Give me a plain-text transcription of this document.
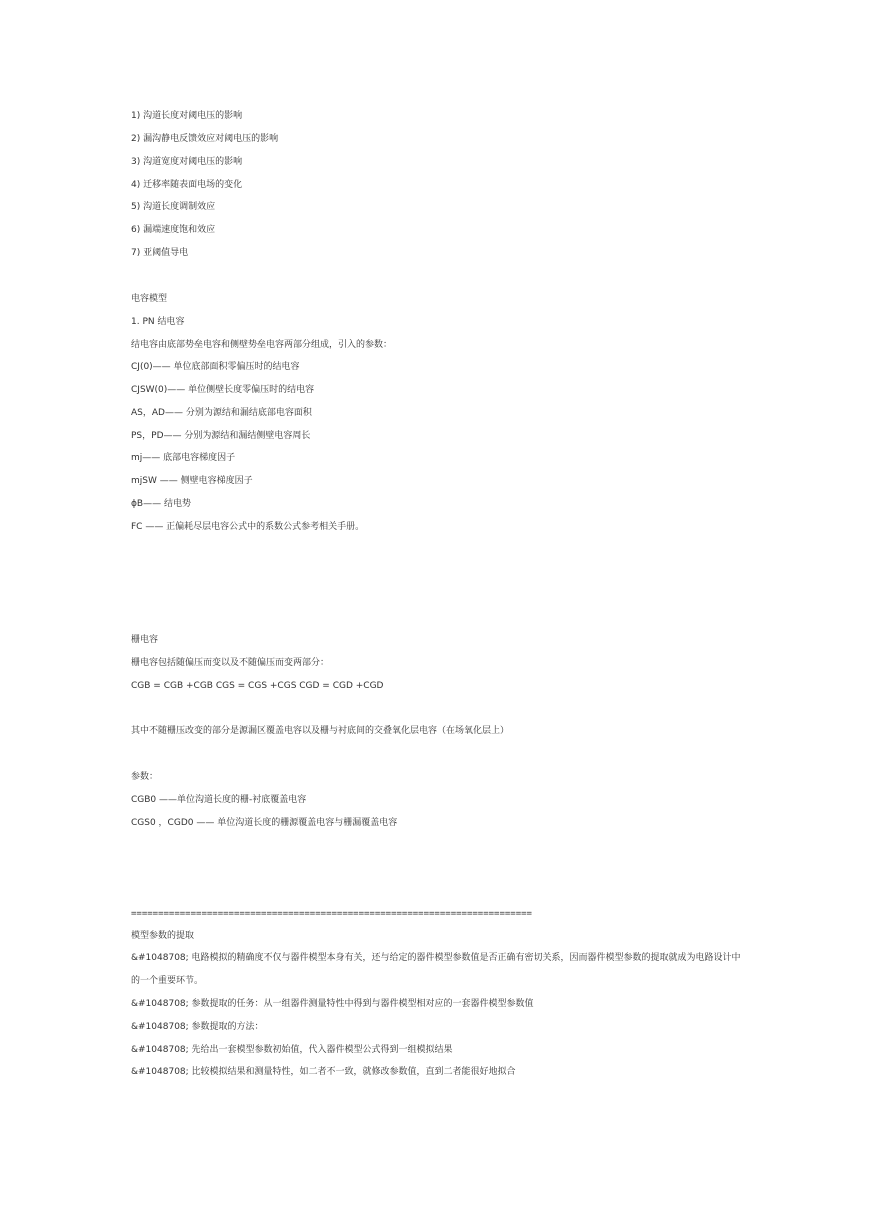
1) 沟道长度对阈电压的影响
2) 漏沟静电反馈效应对阈电压的影响
3) 沟道宽度对阈电压的影响
4) 迁移率随表面电场的变化
5) 沟道长度调制效应
6) 漏端速度饱和效应
7) 亚阈值导电
电容模型
1. PN 结电容
结电容由底部势垒电容和侧壁势垒电容两部分组成，引入的参数：
CJ(0)—— 单位底部面积零偏压时的结电容
CJSW(0)—— 单位侧壁长度零偏压时的结电容
AS，AD—— 分别为源结和漏结底部电容面积
PS，PD—— 分别为源结和漏结侧壁电容周长
mj—— 底部电容梯度因子
mjSW —— 侧壁电容梯度因子
ϕB—— 结电势
FC —— 正偏耗尽层电容公式中的系数公式参考相关手册。
栅电容
栅电容包括随偏压而变以及不随偏压而变两部分：
CGB = CGB +CGB CGS = CGS +CGS CGD = CGD +CGD
其中不随栅压改变的部分是源漏区覆盖电容以及栅与衬底间的交叠氧化层电容（在场氧化层上）
参数：
CGB0 ——单位沟道长度的栅-衬底覆盖电容
CGS0 ，CGD0 —— 单位沟道长度的栅源覆盖电容与栅漏覆盖电容
==========================================================================
模型参数的提取
&#1048708; 电路模拟的精确度不仅与器件模型本身有关，还与给定的器件模型参数值是否正确有密切关系，因而器件模型参数的提取就成为电路设计中的一个重要环节。
&#1048708; 参数提取的任务：从一组器件测量特性中得到与器件模型相对应的一套器件模型参数值
&#1048708; 参数提取的方法：
&#1048708; 先给出一套模型参数初始值，代入器件模型公式得到一组模拟结果
&#1048708; 比较模拟结果和测量特性，如二者不一致，就修改参数值，直到二者能很好地拟合
